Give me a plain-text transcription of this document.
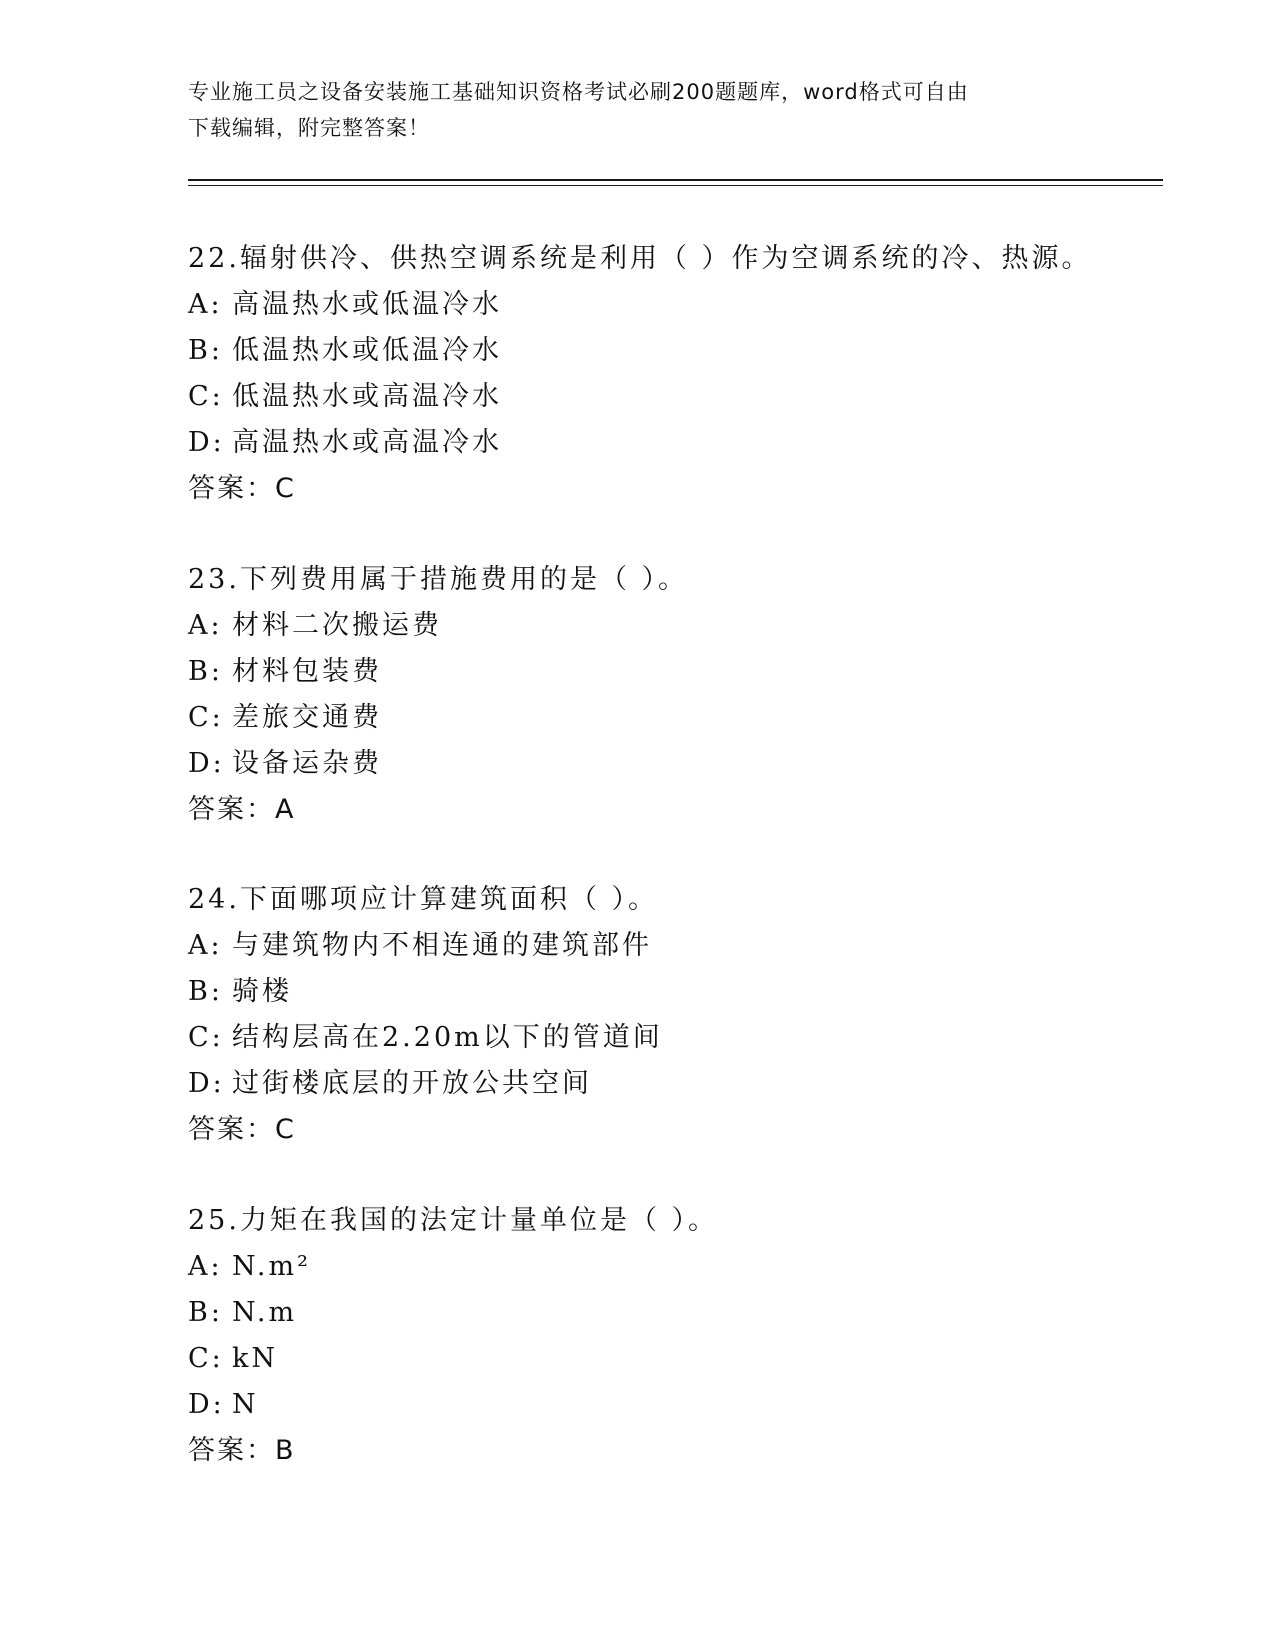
专业施工员之设备安装施工基础知识资格考试必刷200题题库，word格式可自由
下载编辑，附完整答案！
22.辐射供冷、供热空调系统是利用（ ）作为空调系统的冷、热源。
A: 高温热水或低温冷水
B: 低温热水或低温冷水
C: 低温热水或高温冷水
D: 高温热水或高温冷水
答案：C
23.下列费用属于措施费用的是（ ）。
A: 材料二次搬运费
B: 材料包装费
C: 差旅交通费
D: 设备运杂费
答案：A
24.下面哪项应计算建筑面积（ ）。
A: 与建筑物内不相连通的建筑部件
B: 骑楼
C: 结构层高在2.20m以下的管道间
D: 过街楼底层的开放公共空间
答案：C
25.力矩在我国的法定计量单位是（ ）。
A: N.m²
B: N.m
C: kN
D: N
答案：B
